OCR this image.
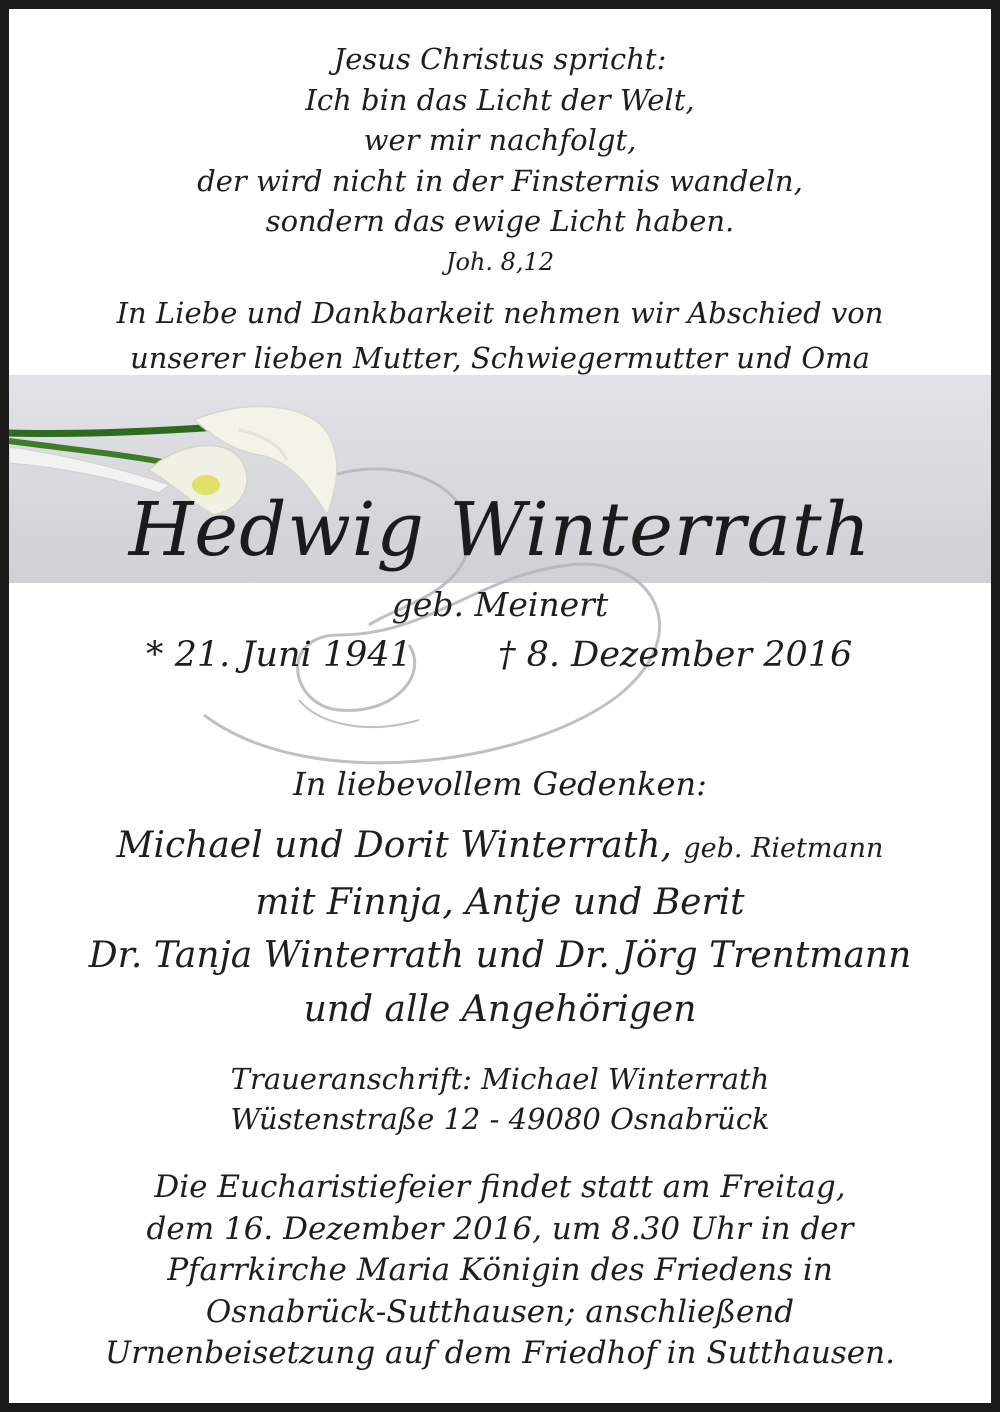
Jesus Christus spricht:
Ich bin das Licht der Welt,
wer mir nachfolgt,
der wird nicht in der Finsternis wandeln,
sondern das ewige Licht haben.
Joh. 8,12
In Liebe und Dankbarkeit nehmen wir Abschied von
unserer lieben Mutter, Schwiegermutter und Oma
Hedwig Winterrath
geb. Meinert
* 21. Juni 1941 † 8. Dezember 2016
In liebevollem Gedenken:
Michael und Dorit Winterrath, geb. Rietmann
mit Finnja, Antje und Berit
Dr. Tanja Winterrath und Dr. Jörg Trentmann
und alle Angehörigen
Traueranschrift: Michael Winterrath
Wüstenstraße 12 - 49080 Osnabrück
Die Eucharistiefeier findet statt am Freitag,
dem 16. Dezember 2016, um 8.30 Uhr in der
Pfarrkirche Maria Königin des Friedens in
Osnabrück-Sutthausen; anschließend
Urnenbeisetzung auf dem Friedhof in Sutthausen.
